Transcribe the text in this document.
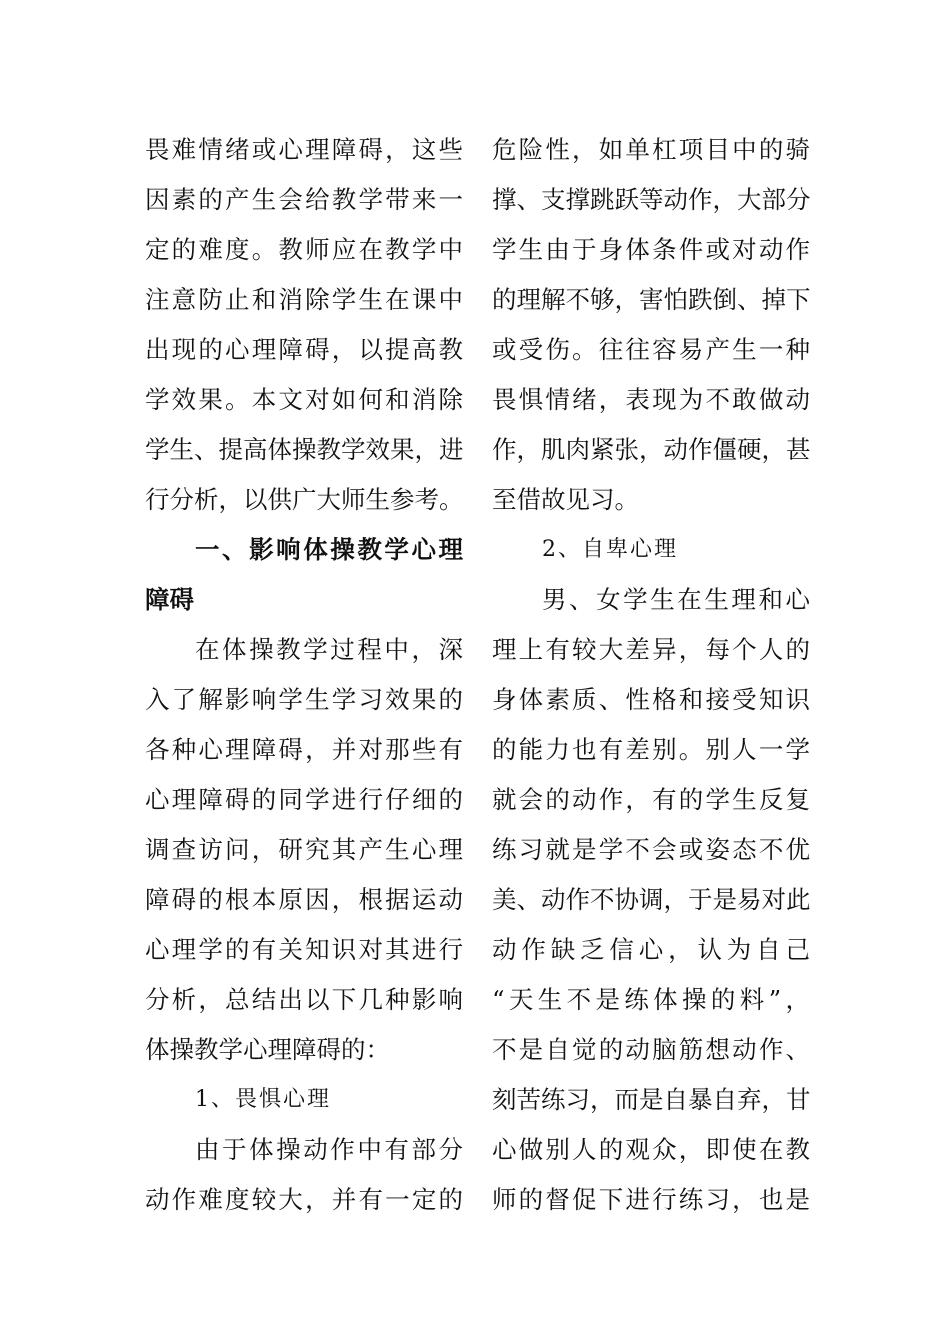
畏难情绪或心理障碍，这些
因素的产生会给教学带来一
定的难度。教师应在教学中
注意防止和消除学生在课中
出现的心理障碍，以提高教
学效果。本文对如何和消除
学生、提高体操教学效果，进
行分析，以供广大师生参考。
一、影响体操教学心理
障碍
在体操教学过程中，深
入了解影响学生学习效果的
各种心理障碍，并对那些有
心理障碍的同学进行仔细的
调查访问，研究其产生心理
障碍的根本原因，根据运动
心理学的有关知识对其进行
分析，总结出以下几种影响
体操教学心理障碍的：
1、畏惧心理
由于体操动作中有部分
动作难度较大，并有一定的
危险性，如单杠项目中的骑
撑、支撑跳跃等动作，大部分
学生由于身体条件或对动作
的理解不够，害怕跌倒、掉下
或受伤。往往容易产生一种
畏惧情绪，表现为不敢做动
作，肌肉紧张，动作僵硬，甚
至借故见习。
2、自卑心理
男、女学生在生理和心
理上有较大差异，每个人的
身体素质、性格和接受知识
的能力也有差别。别人一学
就会的动作，有的学生反复
练习就是学不会或姿态不优
美、动作不协调，于是易对此
动作缺乏信心，认为自己
“天生不是练体操的料”，
不是自觉的动脑筋想动作、
刻苦练习，而是自暴自弃，甘
心做别人的观众，即使在教
师的督促下进行练习，也是
